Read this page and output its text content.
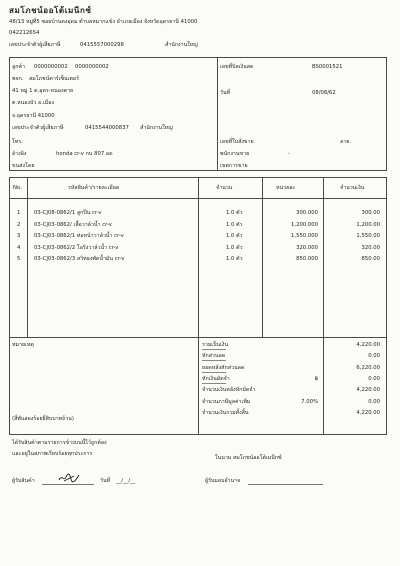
สมโภชน์ออโต้เมนีกซ์
48/13 หมู่ที่5 ซอยบ้านดงอุดม ตำบลหมากแข้ง อำเภอเมือง จังหวัดอุดรธานี 41000
042212654
เลขประจำตัวผู้เสียภาษี	0415557000298	สำนักงานใหญ่
ลูกค้า 0000000002 0000000002
พจก. สมโภชน์คาร์เซ็นเตอร์
41 หมู่ 1 ต.อุดร-หนองคาย
ต.หนองบัว อ.เมือง
จ.อุดรธานี 41000
เลขประจำตัวผู้เสียภาษี	0415544000837 สำนักงานใหญ่
โทร.
อ้างอิง	honda cr-v กน 807 อด
ขนส่งโดย
เลขที่บิลเงินสด	BS0001521
วันที่	08/08/62
เลขที่ใบสั่งขาย	ลาย.
พนักงานขาย	-
เขตการขาย
No.	รหัสสินค้า/รายละเอียด	จำนวน	หน่วยละ	จำนวนเงิน
1	03-CJ08-0862/1 ลูกปืน cr-v	1.0 ตัว	300.000	300.00
2	03-CJ03-0862/ เสื้อวาล์วน้ำ cr-v	1.0 ตัว	1,200.000	1,200.00
3	03-CJ03-0862/1 ท่อหน้าวาล์วน้ำ cr-v	1.0 ตัว	1,550.000	1,550.00
4	03-CJ03-0862/2 โอริงวาล์วน้ำ cr-v	1.0 ตัว	320.000	320.00
5	03-CJ03-0862/3 สวิทธงพัดน้ำมัน cr-v	1.0 ตัว	850.000	850.00
หมายเหตุ
(สี่พันสองร้อยยี่สิบบาทถ้วน)
รวมเป็นเงิน	4,220.00
หักส่วนลด	0.00
ยอดหลังหักส่วนลด	6,220.00
หักเงินมัดจำ	฿	0.00
จำนวนเงินหลังหักมัดจำ	4,220.00
จำนวนภาษีมูลค่าเพิ่ม	7.00%	0.00
จำนวนเงินรวมทั้งสิ้น	4,220.00
ได้รับสินค้าตามรายการข้างบนนี้ไว้ถูกต้อง
และอยู่ในสภาพเรียบร้อยทุกประการ
ในนาม สมโภชน์ออโต้เมนีกซ์
ผู้รับสินค้า	วันที่ __/__/__	ผู้รับมอบอำนาจ
